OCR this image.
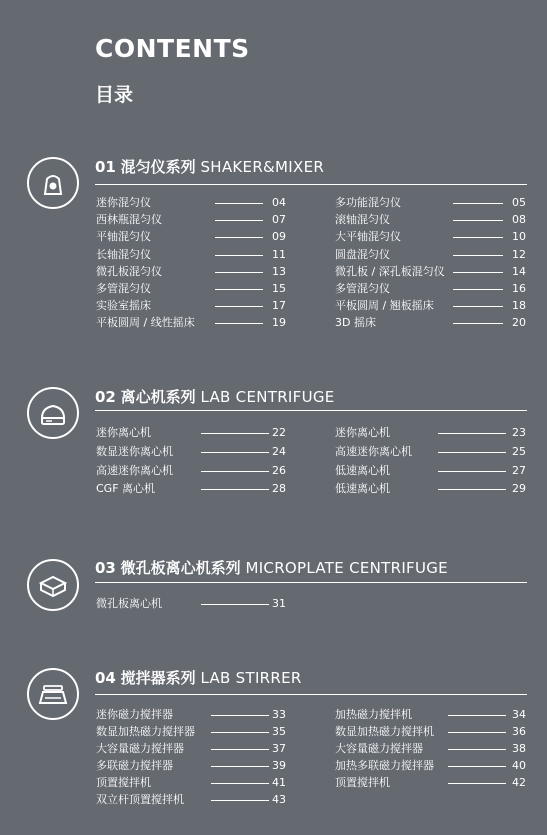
CONTENTS
目录
01 混匀仪系列 SHAKER&MIXER
02 离心机系列 LAB CENTRIFUGE
03 微孔板离心机系列 MICROPLATE CENTRIFUGE
04 搅拌器系列 LAB STIRRER
迷你混匀仪	04
西林瓶混匀仪	07
平轴混匀仪	09
长轴混匀仪	11
微孔板混匀仪	13
多管混匀仪	15
实验室摇床	17
平板圆周 / 线性摇床	19
多功能混匀仪	05
滚轴混匀仪	08
大平轴混匀仪	10
圆盘混匀仪	12
微孔板 / 深孔板混匀仪	14
多管混匀仪	16
平板圆周 / 翘板摇床	18
3D 摇床	20
迷你离心机	22
数显迷你离心机	24
高速迷你离心机	26
CGF 离心机	28
迷你离心机	23
高速迷你离心机	25
低速离心机	27
低速离心机	29
微孔板离心机	31
迷你磁力搅拌器	33
数显加热磁力搅拌器	35
大容量磁力搅拌器	37
多联磁力搅拌器	39
顶置搅拌机	41
双立杆顶置搅拌机	43
加热磁力搅拌机	34
数显加热磁力搅拌机	36
大容量磁力搅拌器	38
加热多联磁力搅拌器	40
顶置搅拌机	42
